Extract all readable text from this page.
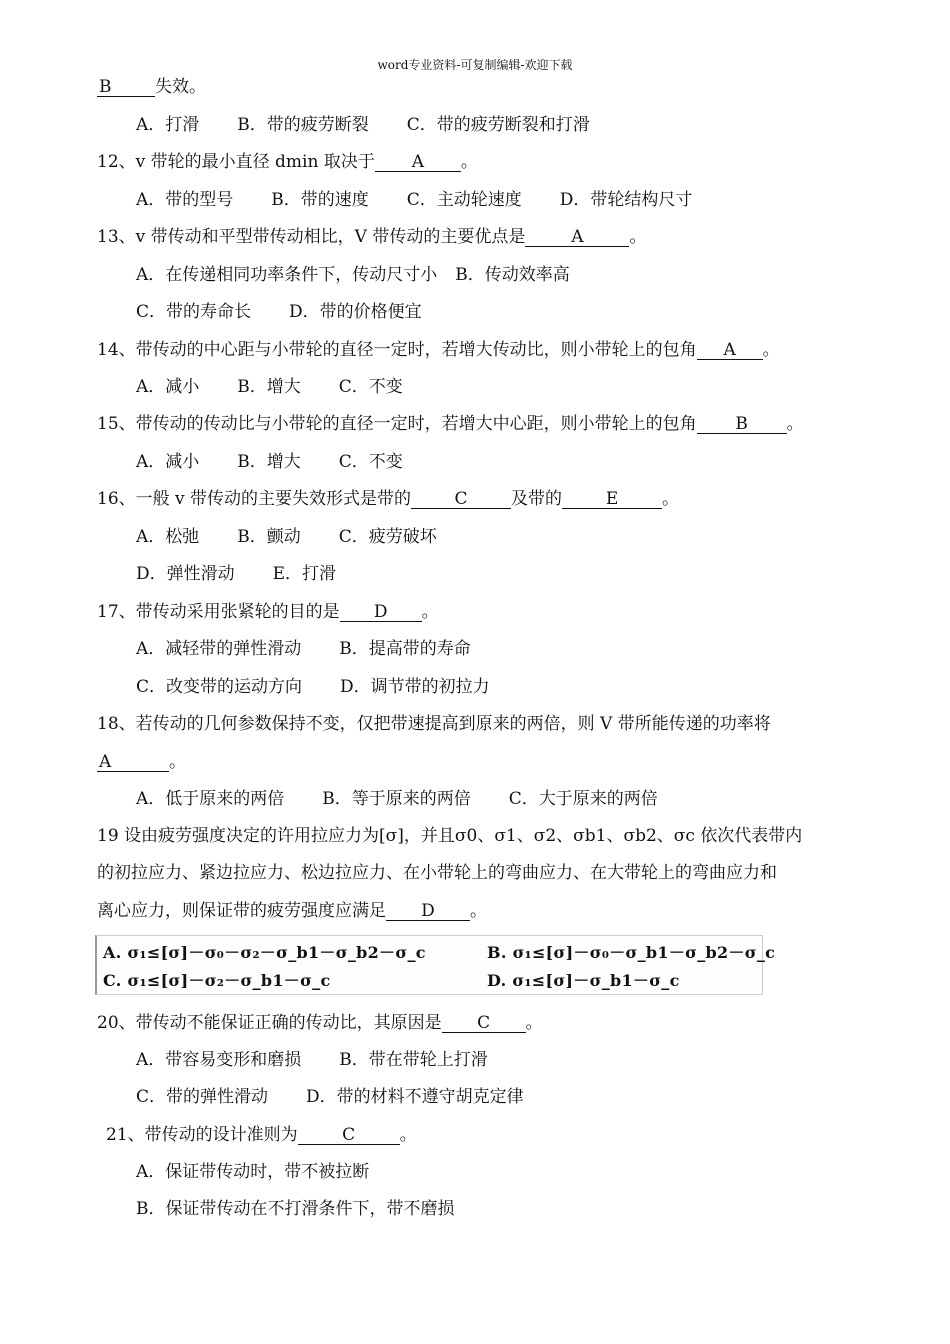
word专业资料-可复制编辑-欢迎下载
B	失效。
A．打滑 B．带的疲劳断裂 C．带的疲劳断裂和打滑
12、v 带轮的最小直径 dmin 取决于 A 。
A．带的型号 B．带的速度 C．主动轮速度 D．带轮结构尺寸
13、v 带传动和平型带传动相比，V 带传动的主要优点是	A	。
A．在传递相同功率条件下，传动尺寸小 B．传动效率高
C．带的寿命长 D．带的价格便宜
14、带传动的中心距与小带轮的直径一定时，若增大传动比，则小带轮上的包角 A 。
A．减小 B．增大 C．不变
15、带传动的传动比与小带轮的直径一定时，若增大中心距，则小带轮上的包角 B 。
A．减小 B．增大 C．不变
16、一般 v 带传动的主要失效形式是带的	C	及带的	E	。
A．松弛 B．颤动 C．疲劳破坏
D．弹性滑动 E．打滑
17、带传动采用张紧轮的目的是 D 。
A．减轻带的弹性滑动 B．提高带的寿命
C．改变带的运动方向 D．调节带的初拉力
18、若传动的几何参数保持不变，仅把带速提高到原来的两倍，则 V 带所能传递的功率将
A	。
A．低于原来的两倍 B．等于原来的两倍 C．大于原来的两倍
19 设由疲劳强度决定的许用拉应力为[σ]，并且σ0、σ1、σ2、σb1、σb2、σc 依次代表带内
的初拉应力、紧边拉应力、松边拉应力、在小带轮上的弯曲应力、在大带轮上的弯曲应力和
离心应力，则保证带的疲劳强度应满足 D 。
A. σ₁≤[σ]－σ₀－σ₂－σ_b1－σ_b2－σ_c	B. σ₁≤[σ]－σ₀－σ_b1－σ_b2－σ_c
C. σ₁≤[σ]－σ₂－σ_b1－σ_c	D. σ₁≤[σ]－σ_b1－σ_c
20、带传动不能保证正确的传动比，其原因是 C 。
A．带容易变形和磨损 B．带在带轮上打滑
C．带的弹性滑动 D．带的材料不遵守胡克定律
21、带传动的设计准则为	C	。
A．保证带传动时，带不被拉断
B．保证带传动在不打滑条件下，带不磨损
